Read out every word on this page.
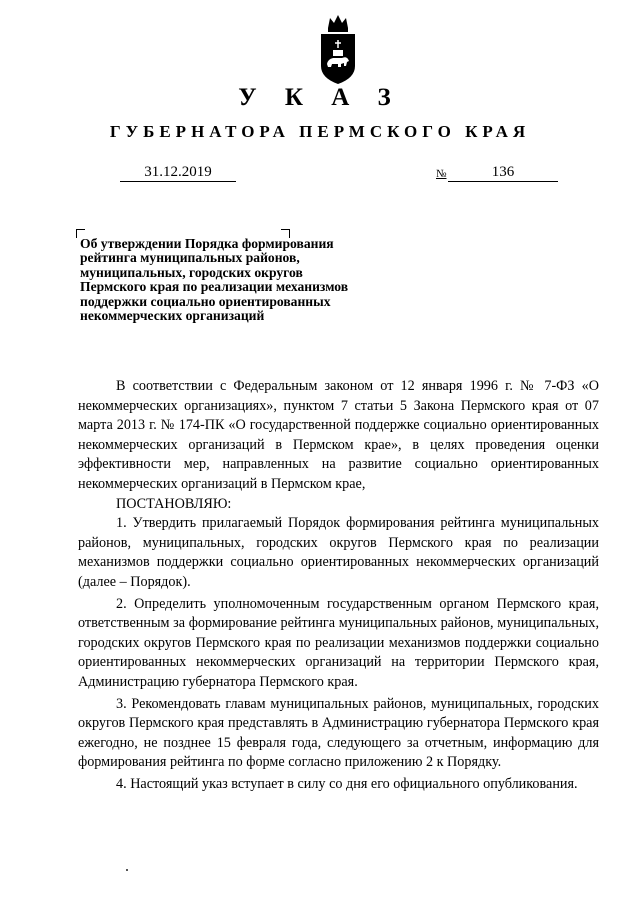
У К А З
ГУБЕРНАТОРА ПЕРМСКОГО КРАЯ
31.12.2019	№	136
Об утверждении Порядка формирования
рейтинга муниципальных районов,
муниципальных, городских округов
Пермского края по реализации механизмов
поддержки социально ориентированных
некоммерческих организаций

В соответствии с Федеральным законом от 12 января 1996 г. № 7-ФЗ «О некоммерческих организациях», пунктом 7 статьи 5 Закона Пермского края от 07 марта 2013 г. № 174-ПК «О государственной поддержке социально ориентированных некоммерческих организаций в Пермском крае», в целях проведения оценки эффективности мер, направленных на развитие социально ориентированных некоммерческих организаций в Пермском крае,

ПОСТАНОВЛЯЮ:

1. Утвердить прилагаемый Порядок формирования рейтинга муниципальных районов, муниципальных, городских округов Пермского края по реализации механизмов поддержки социально ориентированных некоммерческих организаций (далее – Порядок).

2. Определить уполномоченным государственным органом Пермского края, ответственным за формирование рейтинга муниципальных районов, муниципальных, городских округов Пермского края по реализации механизмов поддержки социально ориентированных некоммерческих организаций на территории Пермского края, Администрацию губернатора Пермского края.

3. Рекомендовать главам муниципальных районов, муниципальных, городских округов Пермского края представлять в Администрацию губернатора Пермского края ежегодно, не позднее 15 февраля года, следующего за отчетным, информацию для формирования рейтинга по форме согласно приложению 2 к Порядку.

4. Настоящий указ вступает в силу со дня его официального опубликования.
